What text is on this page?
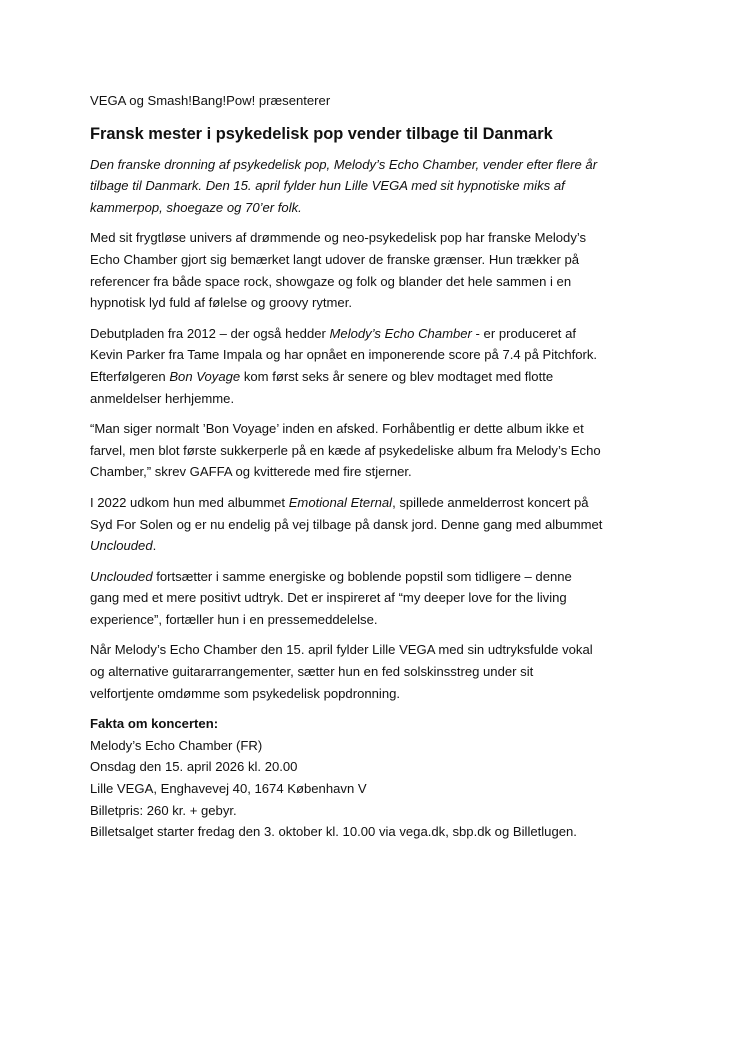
VEGA og Smash!Bang!Pow! præsenterer

Fransk mester i psykedelisk pop vender tilbage til Danmark

Den franske dronning af psykedelisk pop, Melody’s Echo Chamber, vender efter flere år
tilbage til Danmark. Den 15. april fylder hun Lille VEGA med sit hypnotiske miks af
kammerpop, shoegaze og 70’er folk.

Med sit frygtløse univers af drømmende og neo-psykedelisk pop har franske Melody’s
Echo Chamber gjort sig bemærket langt udover de franske grænser. Hun trækker på
referencer fra både space rock, showgaze og folk og blander det hele sammen i en
hypnotisk lyd fuld af følelse og groovy rytmer.

Debutpladen fra 2012 – der også hedder Melody’s Echo Chamber - er produceret af
Kevin Parker fra Tame Impala og har opnået en imponerende score på 7.4 på Pitchfork.
Efterfølgeren Bon Voyage kom først seks år senere og blev modtaget med flotte
anmeldelser herhjemme.

“Man siger normalt ’Bon Voyage’ inden en afsked. Forhåbentlig er dette album ikke et
farvel, men blot første sukkerperle på en kæde af psykedeliske album fra Melody’s Echo
Chamber,” skrev GAFFA og kvitterede med fire stjerner.

I 2022 udkom hun med albummet Emotional Eternal, spillede anmelderrost koncert på
Syd For Solen og er nu endelig på vej tilbage på dansk jord. Denne gang med albummet
Unclouded.

Unclouded fortsætter i samme energiske og boblende popstil som tidligere – denne
gang med et mere positivt udtryk. Det er inspireret af “my deeper love for the living
experience”, fortæller hun i en pressemeddelelse.

Når Melody’s Echo Chamber den 15. april fylder Lille VEGA med sin udtryksfulde vokal
og alternative guitararrangementer, sætter hun en fed solskinsstreg under sit
velfortjente omdømme som psykedelisk popdronning.

Fakta om koncerten:
Melody’s Echo Chamber (FR)
Onsdag den 15. april 2026 kl. 20.00
Lille VEGA, Enghavevej 40, 1674 København V
Billetpris: 260 kr. + gebyr.
Billetsalget starter fredag den 3. oktober kl. 10.00 via vega.dk, sbp.dk og Billetlugen.
